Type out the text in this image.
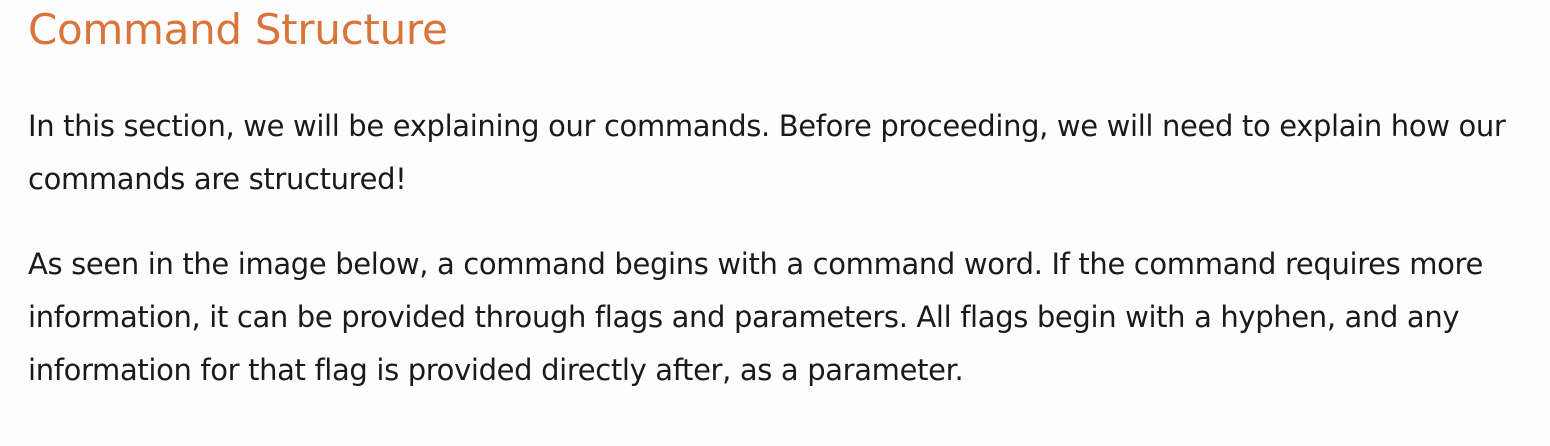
Command Structure

In this section, we will be explaining our commands. Before proceeding, we will need to explain how our commands are structured!

As seen in the image below, a command begins with a command word. If the command requires more information, it can be provided through flags and parameters. All flags begin with a hyphen, and any information for that flag is provided directly after, as a parameter.
